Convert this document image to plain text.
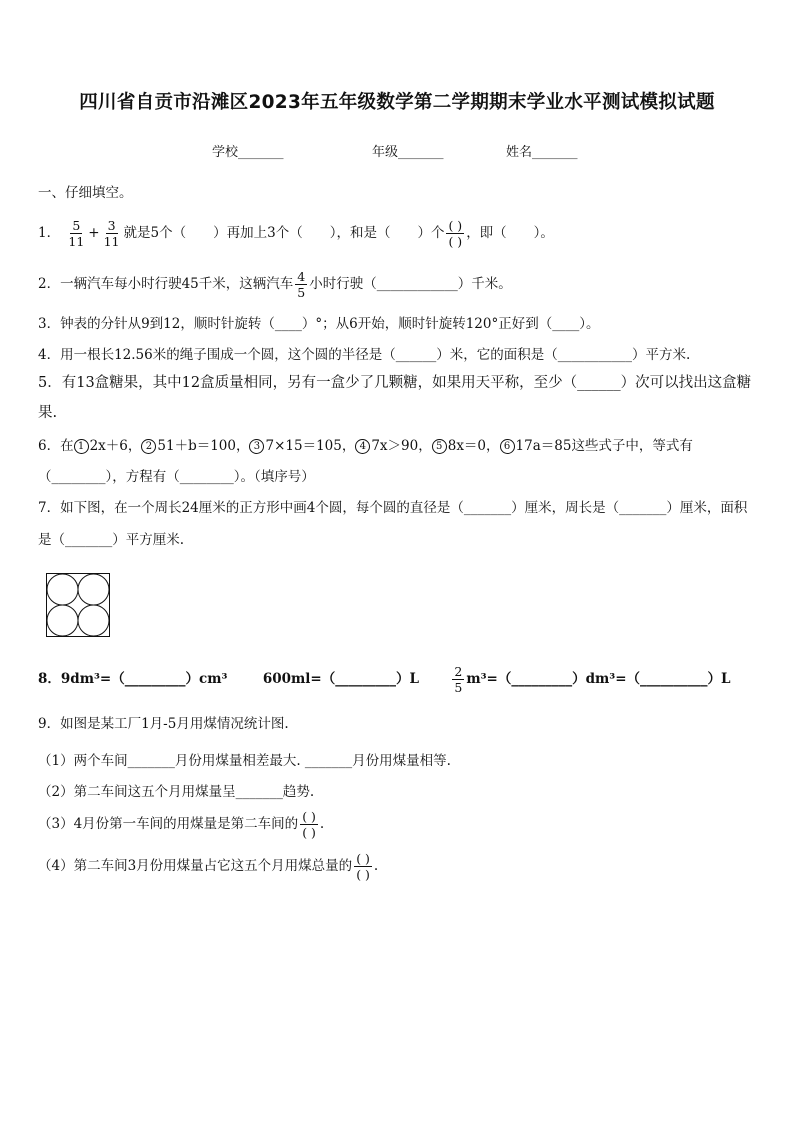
四川省自贡市沿滩区2023年五年级数学第二学期期末学业水平测试模拟试题
学校_______	年级_______	姓名_______
一、仔细填空。
1． $\frac{5}{11} + \frac{3}{11}$ 就是5个（　　）再加上3个（　　），和是（　　）个 $\frac{( )}{( )}$ ，即（　　）。
2．一辆汽车每小时行驶45千米，这辆汽车 $\frac{4}{5}$ 小时行驶（____________）千米。
3．钟表的分针从9到12，顺时针旋转（____）°；从6开始，顺时针旋转120°正好到（____）。
4．用一根长12.56米的绳子围成一个圆，这个圆的半径是（______）米，它的面积是（___________）平方米.
5．有13盒糖果，其中12盒质量相同，另有一盒少了几颗糖，如果用天平称，至少（______）次可以找出这盒糖果.
6．在 1 2x＋6， 2 51＋b＝100， 3 7×15＝105， 4 7x＞90， 5 8x＝0， 6 17a＝85这些式子中，等式有（________），方程有（________）。（填序号）
7．如下图，在一个周长24厘米的正方形中画4个圆，每个圆的直径是（_______）厘米，周长是（_______）厘米，面积是（_______）平方厘米.
8．9dm³=（_________）cm³	600ml=（_________）L	$\frac{2}{5}$ m³=（_________）dm³=（__________）L
9．如图是某工厂1月-5月用煤情况统计图.
（1）两个车间_______月份用煤量相差最大. _______月份用煤量相等.
（2）第二车间这五个月用煤量呈_______趋势.
（3）4月份第一车间的用煤量是第二车间的 $\frac{( )}{( )}$ .
（4）第二车间3月份用煤量占它这五个月用煤总量的 $\frac{( )}{( )}$ .
